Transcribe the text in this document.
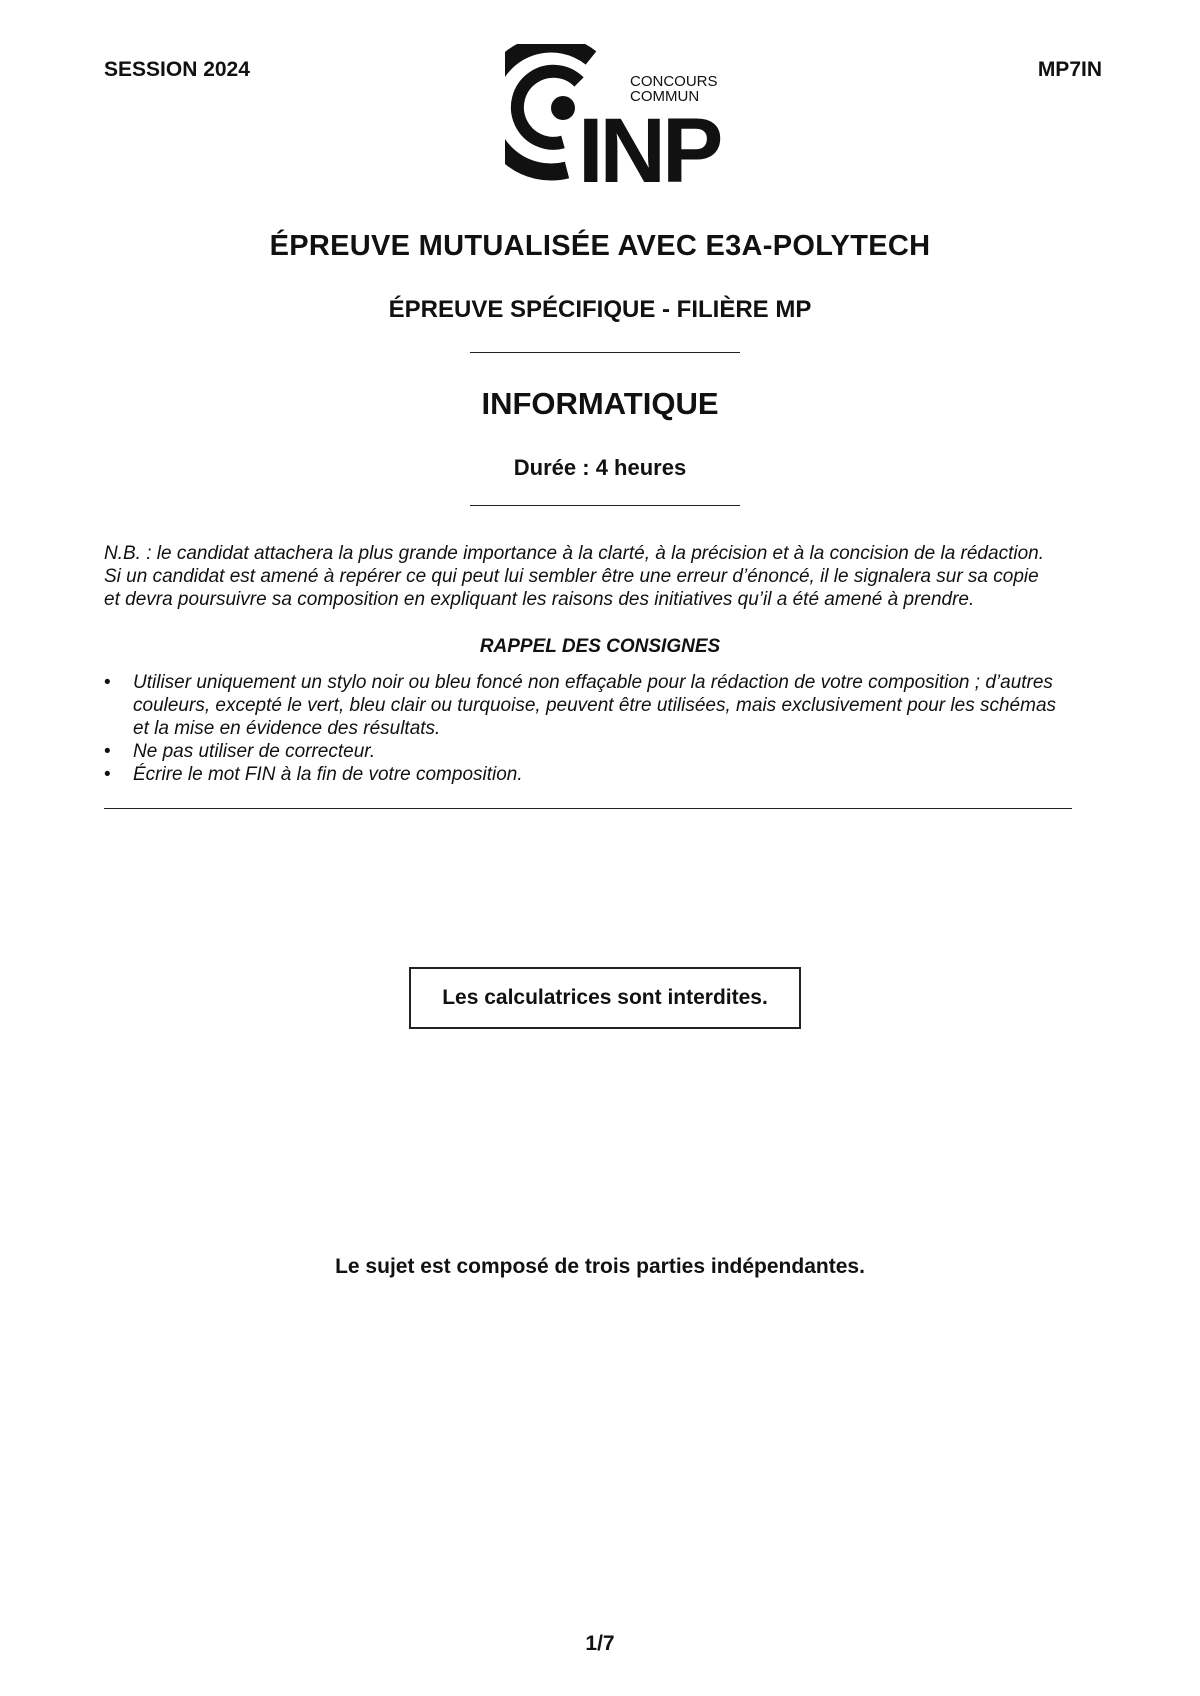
SESSION 2024	MP7IN
CONCOURS
COMMUN
INP
ÉPREUVE MUTUALISÉE AVEC E3A-POLYTECH
ÉPREUVE SPÉCIFIQUE - FILIÈRE MP
INFORMATIQUE
Durée : 4 heures

N.B. : le candidat attachera la plus grande importance à la clarté, à la précision et à la concision de la rédaction.

Si un candidat est amené à repérer ce qui peut lui sembler être une erreur d’énoncé, il le signalera sur sa copie

et devra poursuivre sa composition en expliquant les raisons des initiatives qu’il a été amené à prendre.

RAPPEL DES CONSIGNES
• Utiliser uniquement un stylo noir ou bleu foncé non effaçable pour la rédaction de votre composition ; d’autres
couleurs, excepté le vert, bleu clair ou turquoise, peuvent être utilisées, mais exclusivement pour les schémas
et la mise en évidence des résultats.
• Ne pas utiliser de correcteur.
• Écrire le mot FIN à la fin de votre composition.
Les calculatrices sont interdites.
Le sujet est composé de trois parties indépendantes.
1/7
